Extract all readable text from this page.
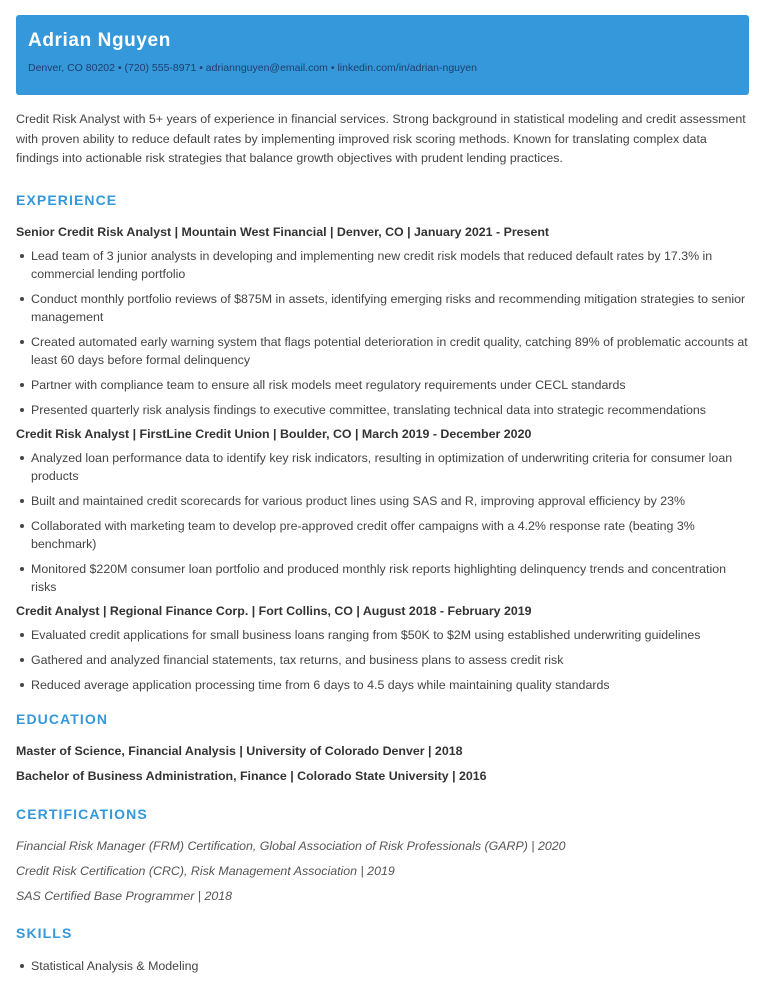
Adrian Nguyen
Denver, CO 80202 • (720) 555-8971 • adriannguyen@email.com • linkedin.com/in/adrian-nguyen

Credit Risk Analyst with 5+ years of experience in financial services. Strong background in statistical modeling and credit assessment with proven ability to reduce default rates by implementing improved risk scoring methods. Known for translating complex data findings into actionable risk strategies that balance growth objectives with prudent lending practices.

EXPERIENCE
Senior Credit Risk Analyst | Mountain West Financial | Denver, CO | January 2021 - Present
Lead team of 3 junior analysts in developing and implementing new credit risk models that reduced default rates by 17.3% in commercial lending portfolio
Conduct monthly portfolio reviews of $875M in assets, identifying emerging risks and recommending mitigation strategies to senior management
Created automated early warning system that flags potential deterioration in credit quality, catching 89% of problematic accounts at least 60 days before formal delinquency
Partner with compliance team to ensure all risk models meet regulatory requirements under CECL standards
Presented quarterly risk analysis findings to executive committee, translating technical data into strategic recommendations
Credit Risk Analyst | FirstLine Credit Union | Boulder, CO | March 2019 - December 2020
Analyzed loan performance data to identify key risk indicators, resulting in optimization of underwriting criteria for consumer loan products
Built and maintained credit scorecards for various product lines using SAS and R, improving approval efficiency by 23%
Collaborated with marketing team to develop pre-approved credit offer campaigns with a 4.2% response rate (beating 3% benchmark)
Monitored $220M consumer loan portfolio and produced monthly risk reports highlighting delinquency trends and concentration risks
Credit Analyst | Regional Finance Corp. | Fort Collins, CO | August 2018 - February 2019
Evaluated credit applications for small business loans ranging from $50K to $2M using established underwriting guidelines
Gathered and analyzed financial statements, tax returns, and business plans to assess credit risk
Reduced average application processing time from 6 days to 4.5 days while maintaining quality standards
EDUCATION

Master of Science, Financial Analysis | University of Colorado Denver | 2018

Bachelor of Business Administration, Finance | Colorado State University | 2016

CERTIFICATIONS

Financial Risk Manager (FRM) Certification, Global Association of Risk Professionals (GARP) | 2020

Credit Risk Certification (CRC), Risk Management Association | 2019

SAS Certified Base Programmer | 2018

SKILLS
Statistical Analysis & Modeling
